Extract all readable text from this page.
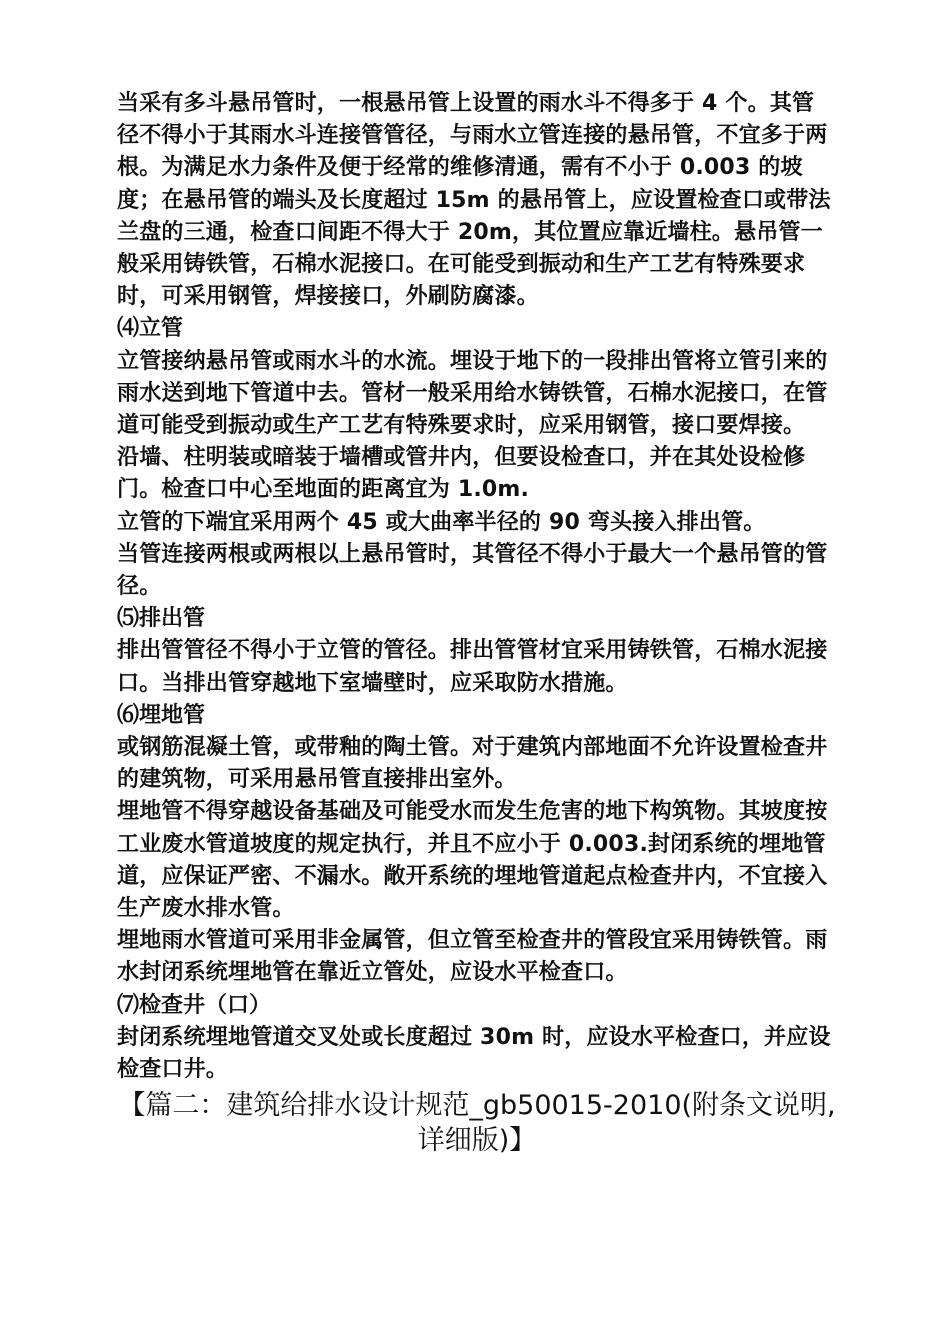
当采有多斗悬吊管时，一根悬吊管上设置的雨水斗不得多于 4 个。其管径不得小于其雨水斗连接管管径，与雨水立管连接的悬吊管，不宜多于两根。为满足水力条件及便于经常的维修清通，需有不小于 0.003 的坡度；在悬吊管的端头及长度超过 15m 的悬吊管上，应设置检查口或带法兰盘的三通，检查口间距不得大于 20m，其位置应靠近墙柱。悬吊管一般采用铸铁管，石棉水泥接口。在可能受到振动和生产工艺有特殊要求时，可采用钢管，焊接接口，外刷防腐漆。

⑷立管

立管接纳悬吊管或雨水斗的水流。埋设于地下的一段排出管将立管引来的雨水送到地下管道中去。管材一般采用给水铸铁管，石棉水泥接口，在管道可能受到振动或生产工艺有特殊要求时，应采用钢管，接口要焊接。

沿墙、柱明装或暗装于墙槽或管井内，但要设检查口，并在其处设检修门。检查口中心至地面的距离宜为 1.0m.

立管的下端宜采用两个 45 或大曲率半径的 90 弯头接入排出管。

当管连接两根或两根以上悬吊管时，其管径不得小于最大一个悬吊管的管径。

⑸排出管

排出管管径不得小于立管的管径。排出管管材宜采用铸铁管，石棉水泥接口。当排出管穿越地下室墙壁时，应采取防水措施。

⑹埋地管

或钢筋混凝土管，或带釉的陶土管。对于建筑内部地面不允许设置检查井的建筑物，可采用悬吊管直接排出室外。

埋地管不得穿越设备基础及可能受水而发生危害的地下构筑物。其坡度按工业废水管道坡度的规定执行，并且不应小于 0.003.封闭系统的埋地管道，应保证严密、不漏水。敞开系统的埋地管道起点检查井内，不宜接入生产废水排水管。

埋地雨水管道可采用非金属管，但立管至检查井的管段宜采用铸铁管。雨水封闭系统埋地管在靠近立管处，应设水平检查口。

⑺检查井（口）

封闭系统埋地管道交叉处或长度超过 30m 时，应设水平检查口，并应设检查口井。

【篇二：建筑给排水设计规范_gb50015-2010(附条文说明,详细版)】
